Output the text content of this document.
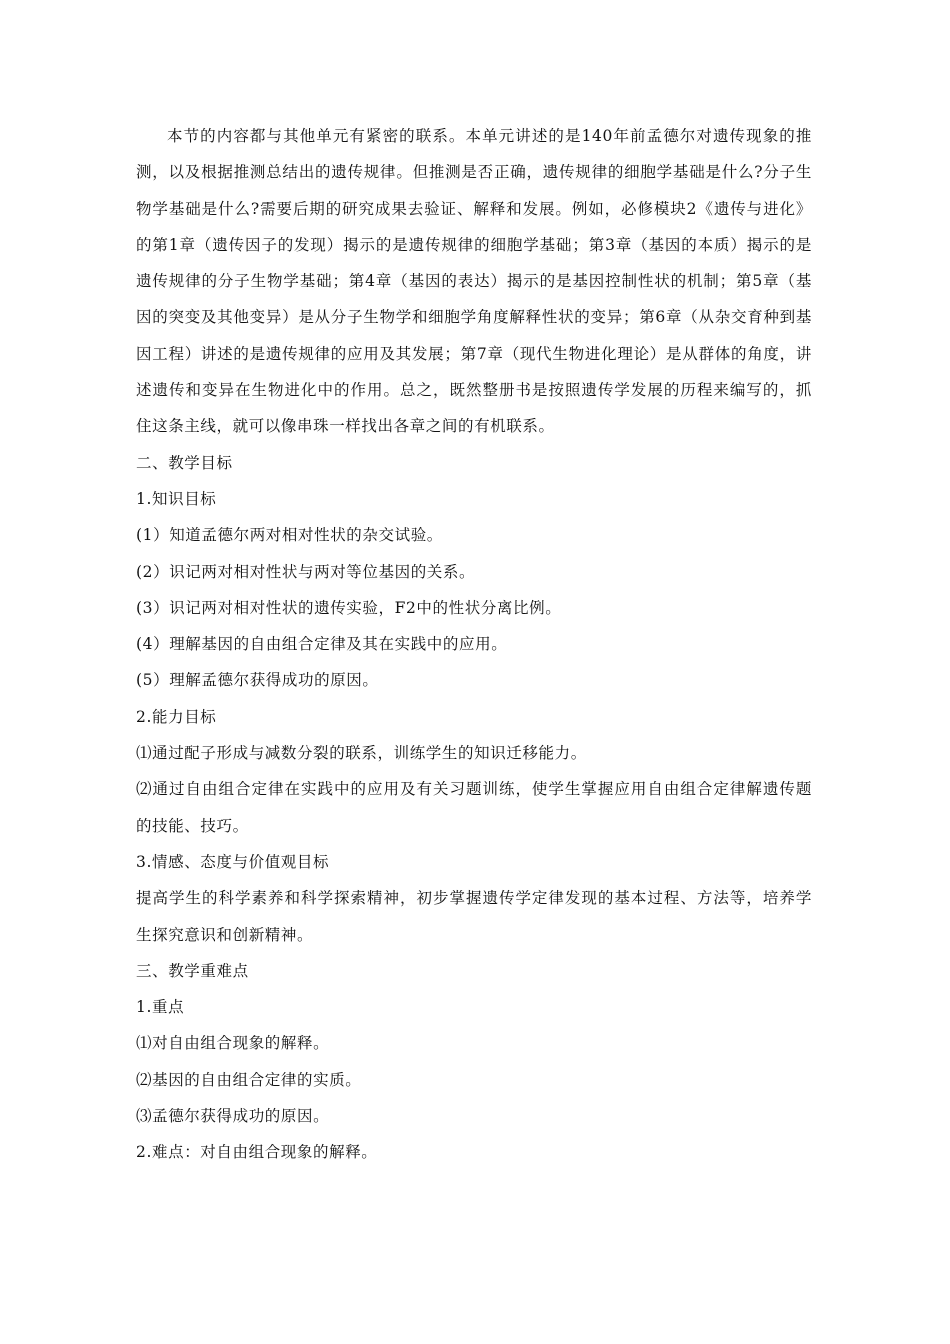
本节的内容都与其他单元有紧密的联系。本单元讲述的是140年前孟德尔对遗传现象的推测，以及根据推测总结出的遗传规律。但推测是否正确，遗传规律的细胞学基础是什么?分子生物学基础是什么?需要后期的研究成果去验证、解释和发展。例如，必修模块2《遗传与进化》的第1章（遗传因子的发现）揭示的是遗传规律的细胞学基础；第3章（基因的本质）揭示的是遗传规律的分子生物学基础；第4章（基因的表达）揭示的是基因控制性状的机制；第5章（基因的突变及其他变异）是从分子生物学和细胞学角度解释性状的变异；第6章（从杂交育种到基因工程）讲述的是遗传规律的应用及其发展；第7章（现代生物进化理论）是从群体的角度，讲述遗传和变异在生物进化中的作用。总之，既然整册书是按照遗传学发展的历程来编写的，抓住这条主线，就可以像串珠一样找出各章之间的有机联系。

二、教学目标

1.知识目标

(1）知道孟德尔两对相对性状的杂交试验。

(2）识记两对相对性状与两对等位基因的关系。

(3）识记两对相对性状的遗传实验，F2中的性状分离比例。

(4）理解基因的自由组合定律及其在实践中的应用。

(5）理解孟德尔获得成功的原因。

2.能力目标

⑴通过配子形成与减数分裂的联系，训练学生的知识迁移能力。

⑵通过自由组合定律在实践中的应用及有关习题训练，使学生掌握应用自由组合定律解遗传题的技能、技巧。

3.情感、态度与价值观目标

提高学生的科学素养和科学探索精神，初步掌握遗传学定律发现的基本过程、方法等，培养学生探究意识和创新精神。

三、教学重难点

1.重点

⑴对自由组合现象的解释。

⑵基因的自由组合定律的实质。

⑶孟德尔获得成功的原因。

2.难点：对自由组合现象的解释。
